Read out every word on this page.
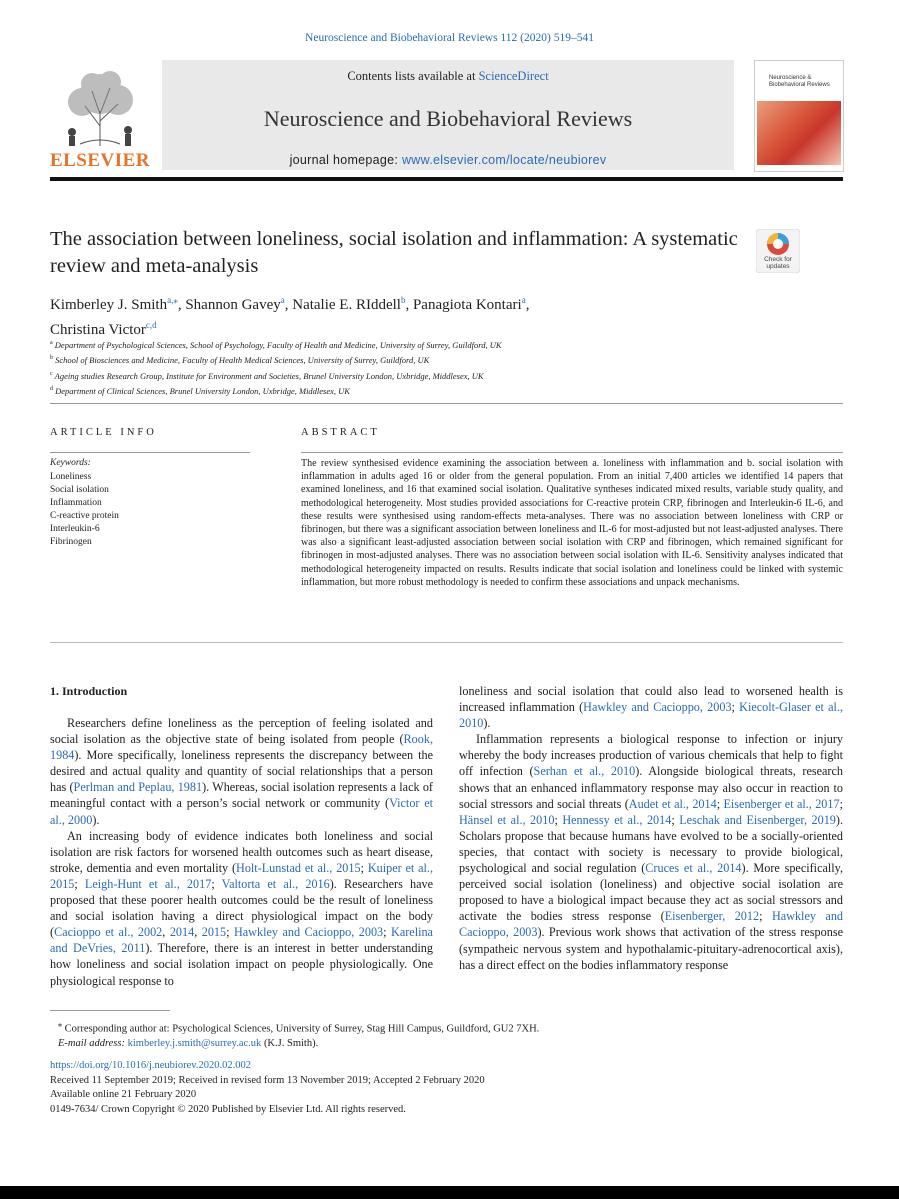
Neuroscience and Biobehavioral Reviews 112 (2020) 519–541
ELSEVIER
Contents lists available at ScienceDirect
Neuroscience and Biobehavioral Reviews
journal homepage: www.elsevier.com/locate/neubiorev
Neuroscience & Biobehavioral Reviews
The association between loneliness, social isolation and inflammation: A systematic review and meta-analysis	Check for updates
Kimberley J. Smith$^{a,⁎}$, Shannon Gavey$^a$, Natalie E. RIddell$^b$, Panagiota Kontari$^a$,
Christina Victor$^{c,d}$
$^a$ Department of Psychological Sciences, School of Psychology, Faculty of Health and Medicine, University of Surrey, Guildford, UK
$^b$ School of Biosciences and Medicine, Faculty of Health Medical Sciences, University of Surrey, Guildford, UK
$^c$ Ageing studies Research Group, Institute for Environment and Societies, Brunel University London, Uxbridge, Middlesex, UK
$^d$ Department of Clinical Sciences, Brunel University London, Uxbridge, Middlesex, UK
ARTICLE INFO
Keywords:
Loneliness
Social isolation
Inflammation
C-reactive protein
Interleukin-6
Fibrinogen
ABSTRACT
The review synthesised evidence examining the association between a. loneliness with inflammation and b. social isolation with inflammation in adults aged 16 or older from the general population. From an initial 7,400 articles we identified 14 papers that examined loneliness, and 16 that examined social isolation. Qualitative syntheses indicated mixed results, variable study quality, and methodological heterogeneity. Most studies provided associations for C-reactive protein CRP, fibrinogen and Interleukin-6 IL-6, and these results were synthesised using random-effects meta-analyses. There was no association between loneliness with CRP or fibrinogen, but there was a significant association between loneliness and IL-6 for most-adjusted but not least-adjusted analyses. There was also a significant least-adjusted association between social isolation with CRP and fibrinogen, which remained significant for fibrinogen in most-adjusted analyses. There was no association between social isolation with IL-6. Sensitivity analyses indicated that methodological heterogeneity impacted on results. Results indicate that social isolation and loneliness could be linked with systemic inflammation, but more robust methodology is needed to confirm these associations and unpack mechanisms.
1. Introduction

Researchers define loneliness as the perception of feeling isolated and social isolation as the objective state of being isolated from people (Rook, 1984). More specifically, loneliness represents the discrepancy between the desired and actual quality and quantity of social relationships that a person has (Perlman and Peplau, 1981). Whereas, social isolation represents a lack of meaningful contact with a person’s social network or community (Victor et al., 2000).

An increasing body of evidence indicates both loneliness and social isolation are risk factors for worsened health outcomes such as heart disease, stroke, dementia and even mortality (Holt-Lunstad et al., 2015; Kuiper et al., 2015; Leigh-Hunt et al., 2017; Valtorta et al., 2016). Researchers have proposed that these poorer health outcomes could be the result of loneliness and social isolation having a direct physiological impact on the body (Cacioppo et al., 2002, 2014, 2015; Hawkley and Cacioppo, 2003; Karelina and DeVries, 2011). Therefore, there is an interest in better understanding how loneliness and social isolation impact on people physiologically. One physiological response to

loneliness and social isolation that could also lead to worsened health is increased inflammation (Hawkley and Cacioppo, 2003; Kiecolt-Glaser et al., 2010).

Inflammation represents a biological response to infection or injury whereby the body increases production of various chemicals that help to fight off infection (Serhan et al., 2010). Alongside biological threats, research shows that an enhanced inflammatory response may also occur in reaction to social stressors and social threats (Audet et al., 2014; Eisenberger et al., 2017; Hänsel et al., 2010; Hennessy et al., 2014; Leschak and Eisenberger, 2019). Scholars propose that because humans have evolved to be a socially-oriented species, that contact with society is necessary to provide biological, psychological and social regulation (Cruces et al., 2014). More specifically, perceived social isolation (loneliness) and objective social isolation are proposed to have a biological impact because they act as social stressors and activate the bodies stress response (Eisenberger, 2012; Hawkley and Cacioppo, 2003). Previous work shows that activation of the stress response (sympatheic nervous system and hypothalamic-pituitary-adrenocortical axis), has a direct effect on the bodies inflammatory response

⁎ Corresponding author at: Psychological Sciences, University of Surrey, Stag Hill Campus, Guildford, GU2 7XH.
E-mail address: kimberley.j.smith@surrey.ac.uk (K.J. Smith).
https://doi.org/10.1016/j.neubiorev.2020.02.002
Received 11 September 2019; Received in revised form 13 November 2019; Accepted 2 February 2020
Available online 21 February 2020
0149-7634/ Crown Copyright © 2020 Published by Elsevier Ltd. All rights reserved.
